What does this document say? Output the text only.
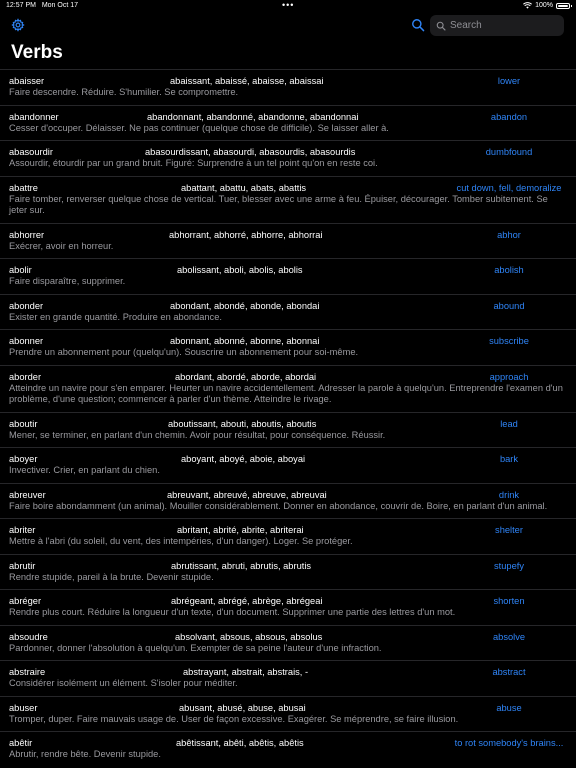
12:57 PM Mon Oct 17	•••	100%
Search
Verbs
abaisser	abaissant, abaissé, abaisse, abaissai	lower
Faire descendre. Réduire. S'humilier. Se compromettre.
abandonner	abandonnant, abandonné, abandonne, abandonnai	abandon
Cesser d'occuper. Délaisser. Ne pas continuer (quelque chose de difficile). Se laisser aller à.
abasourdir	abasourdissant, abasourdi, abasourdis, abasourdis	dumbfound
Assourdir, étourdir par un grand bruit. Figuré: Surprendre à un tel point qu'on en reste coi.
abattre	abattant, abattu, abats, abattis	cut down, fell, demoralize
Faire tomber, renverser quelque chose de vertical. Tuer, blesser avec une arme à feu. Épuiser, décourager. Tomber subitement. Se jeter sur.
abhorrer	abhorrant, abhorré, abhorre, abhorrai	abhor
Exécrer, avoir en horreur.
abolir	abolissant, aboli, abolis, abolis	abolish
Faire disparaître, supprimer.
abonder	abondant, abondé, abonde, abondai	abound
Exister en grande quantité. Produire en abondance.
abonner	abonnant, abonné, abonne, abonnai	subscribe
Prendre un abonnement pour (quelqu'un). Souscrire un abonnement pour soi-même.
aborder	abordant, abordé, aborde, abordai	approach
Atteindre un navire pour s'en emparer. Heurter un navire accidentellement. Adresser la parole à quelqu'un. Entreprendre l'examen d'un problème, d'une question; commencer à parler d'un thème. Atteindre le rivage.
aboutir	aboutissant, abouti, aboutis, aboutis	lead
Mener, se terminer, en parlant d'un chemin. Avoir pour résultat, pour conséquence. Réussir.
aboyer	aboyant, aboyé, aboie, aboyai	bark
Invectiver. Crier, en parlant du chien.
abreuver	abreuvant, abreuvé, abreuve, abreuvai	drink
Faire boire abondamment (un animal). Mouiller considérablement. Donner en abondance, couvrir de. Boire, en parlant d'un animal.
abriter	abritant, abrité, abrite, abriterai	shelter
Mettre à l'abri (du soleil, du vent, des intempéries, d'un danger). Loger. Se protéger.
abrutir	abrutissant, abruti, abrutis, abrutis	stupefy
Rendre stupide, pareil à la brute. Devenir stupide.
abréger	abrégeant, abrégé, abrège, abrégeai	shorten
Rendre plus court. Réduire la longueur d'un texte, d'un document. Supprimer une partie des lettres d'un mot.
absoudre	absolvant, absous, absous, absolus	absolve
Pardonner, donner l'absolution à quelqu'un. Exempter de sa peine l'auteur d'une infraction.
abstraire	abstrayant, abstrait, abstrais, -	abstract
Considérer isolément un élément. S'isoler pour méditer.
abuser	abusant, abusé, abuse, abusai	abuse
Tromper, duper. Faire mauvais usage de. User de façon excessive. Exagérer. Se méprendre, se faire illusion.
abêtir	abêtissant, abêti, abêtis, abêtis	to rot somebody's brains...
Abrutir, rendre bête. Devenir stupide.
